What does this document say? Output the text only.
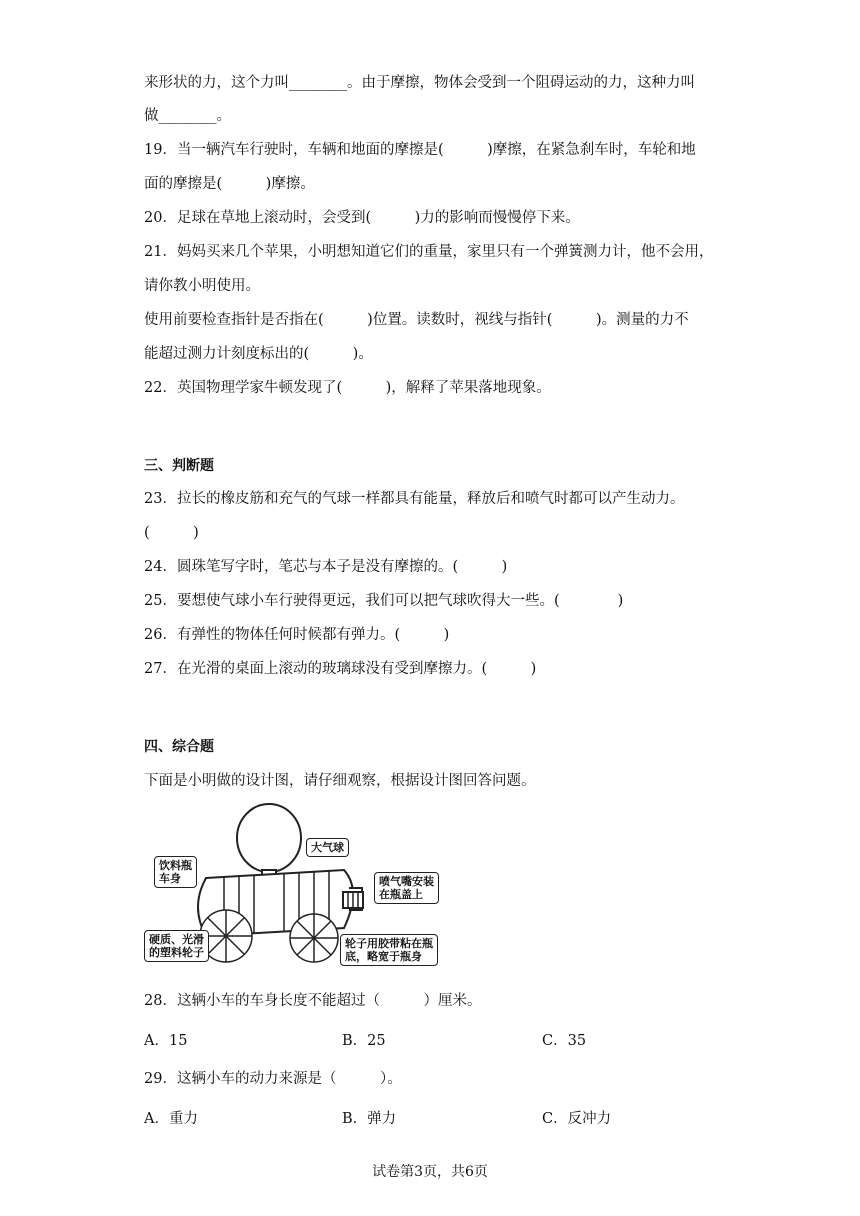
来形状的力，这个力叫________。由于摩擦，物体会受到一个阻碍运动的力，这种力叫
做________。
19．当一辆汽车行驶时，车辆和地面的摩擦是(　　　)摩擦，在紧急刹车时，车轮和地
面的摩擦是(　　　)摩擦。
20．足球在草地上滚动时，会受到(　　　)力的影响而慢慢停下来。
21．妈妈买来几个苹果，小明想知道它们的重量，家里只有一个弹簧测力计，他不会用，
请你教小明使用。
使用前要检查指针是否指在(　　　)位置。读数时，视线与指针(　　　)。测量的力不
能超过测力计刻度标出的(　　　)。
22．英国物理学家牛顿发现了(　　　)，解释了苹果落地现象。
三、判断题
23．拉长的橡皮筋和充气的气球一样都具有能量，释放后和喷气时都可以产生动力。
(　　　)
24．圆珠笔写字时，笔芯与本子是没有摩擦的。(　　　)
25．要想使气球小车行驶得更远，我们可以把气球吹得大一些。(　　　　)
26．有弹性的物体任何时候都有弹力。(　　　)
27．在光滑的桌面上滚动的玻璃球没有受到摩擦力。(　　　)
四、综合题
下面是小明做的设计图，请仔细观察，根据设计图回答问题。
大气球
饮料瓶
车身	喷气嘴安装
在瓶盖上
硬质、光滑
的塑料轮子
轮子用胶带粘在瓶
底，略宽于瓶身
28．这辆小车的车身长度不能超过（　　　）厘米。
A．15	B．25	C．35
29．这辆小车的动力来源是（　　　）。
A．重力	B．弹力	C．反冲力
试卷第3页，共6页
